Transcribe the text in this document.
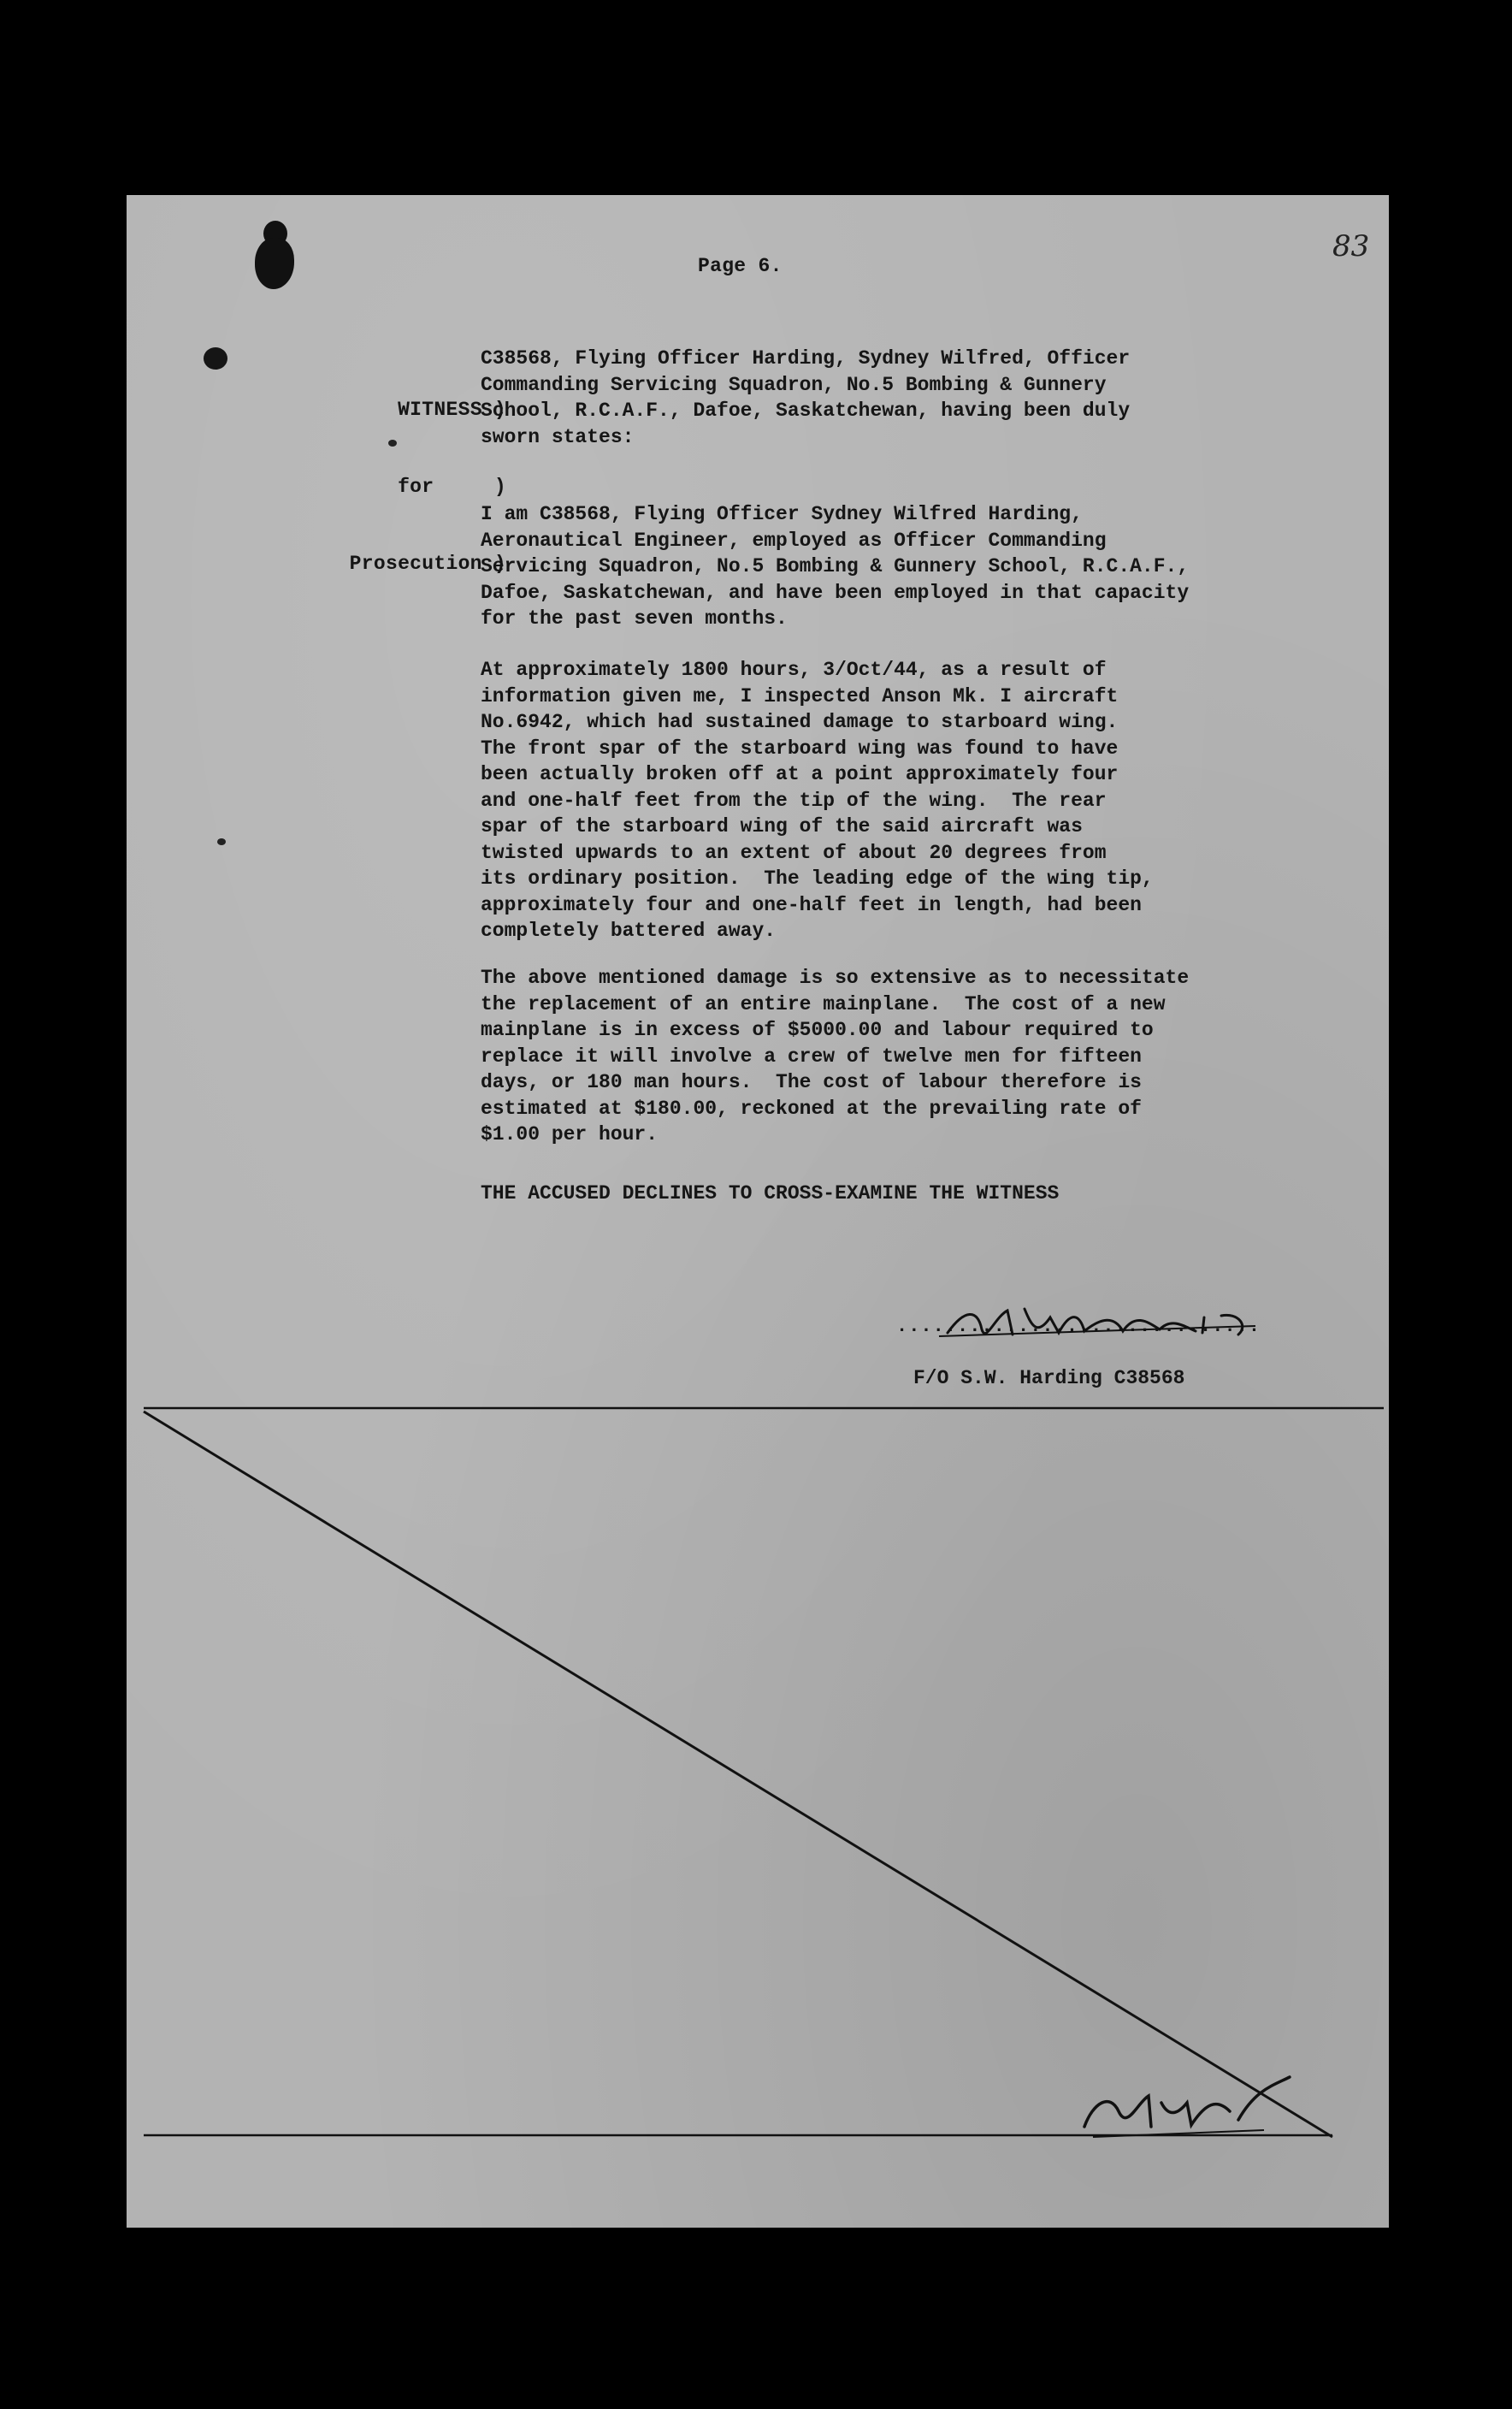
Page 6.
83

WITNESS )

for     )

Prosecution )

C38568, Flying Officer Harding, Sydney Wilfred, Officer
Commanding Servicing Squadron, No.5 Bombing & Gunnery
School, R.C.A.F., Dafoe, Saskatchewan, having been duly
sworn states:
I am C38568, Flying Officer Sydney Wilfred Harding,
Aeronautical Engineer, employed as Officer Commanding
Servicing Squadron, No.5 Bombing & Gunnery School, R.C.A.F.,
Dafoe, Saskatchewan, and have been employed in that capacity
for the past seven months.
At approximately 1800 hours, 3/Oct/44, as a result of
information given me, I inspected Anson Mk. I aircraft
No.6942, which had sustained damage to starboard wing.
The front spar of the starboard wing was found to have
been actually broken off at a point approximately four
and one-half feet from the tip of the wing.  The rear
spar of the starboard wing of the said aircraft was
twisted upwards to an extent of about 20 degrees from
its ordinary position.  The leading edge of the wing tip,
approximately four and one-half feet in length, had been
completely battered away.
The above mentioned damage is so extensive as to necessitate
the replacement of an entire mainplane.  The cost of a new
mainplane is in excess of $5000.00 and labour required to
replace it will involve a crew of twelve men for fifteen
days, or 180 man hours.  The cost of labour therefore is
estimated at $180.00, reckoned at the prevailing rate of
$1.00 per hour.
THE ACCUSED DECLINES TO CROSS-EXAMINE THE WITNESS
..............................
F/O S.W. Harding C38568
